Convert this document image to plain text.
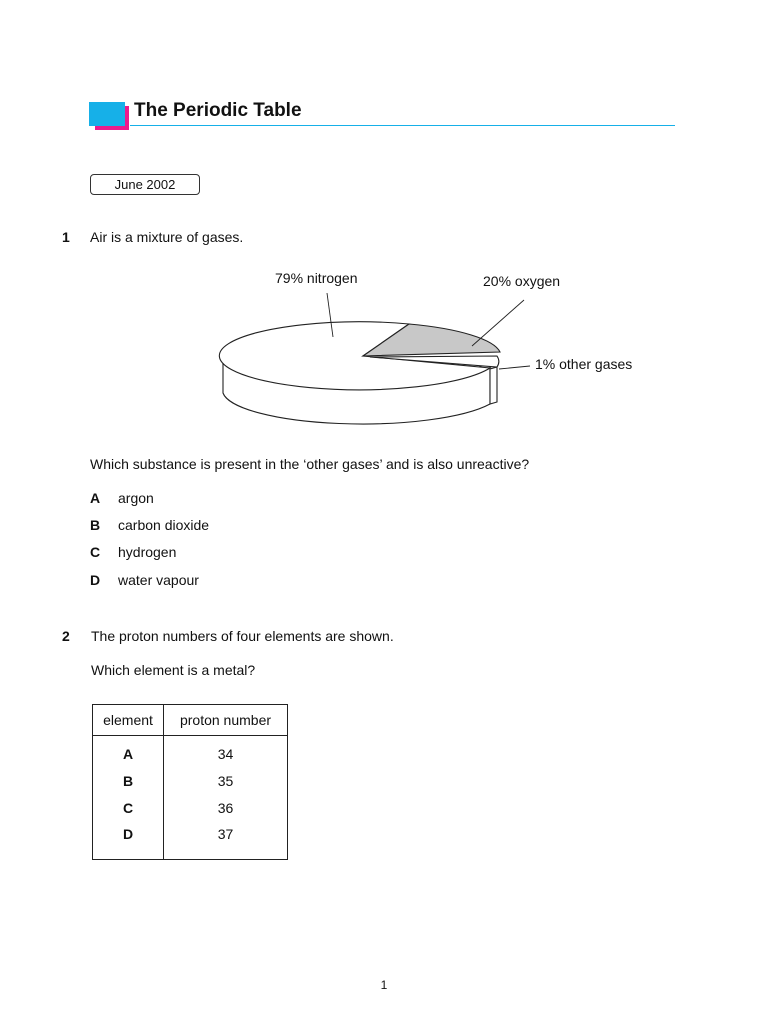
The Periodic Table
June 2002
1 Air is a mixture of gases.
79% nitrogen	20% oxygen
1% other gases
Which substance is present in the ‘other gases’ and is also unreactive?
A argon
B carbon dioxide
C hydrogen
D water vapour
2 The proton numbers of four elements are shown.
Which element is a metal?
element	proton number
A	34
B	35
C	36
D	37
1
